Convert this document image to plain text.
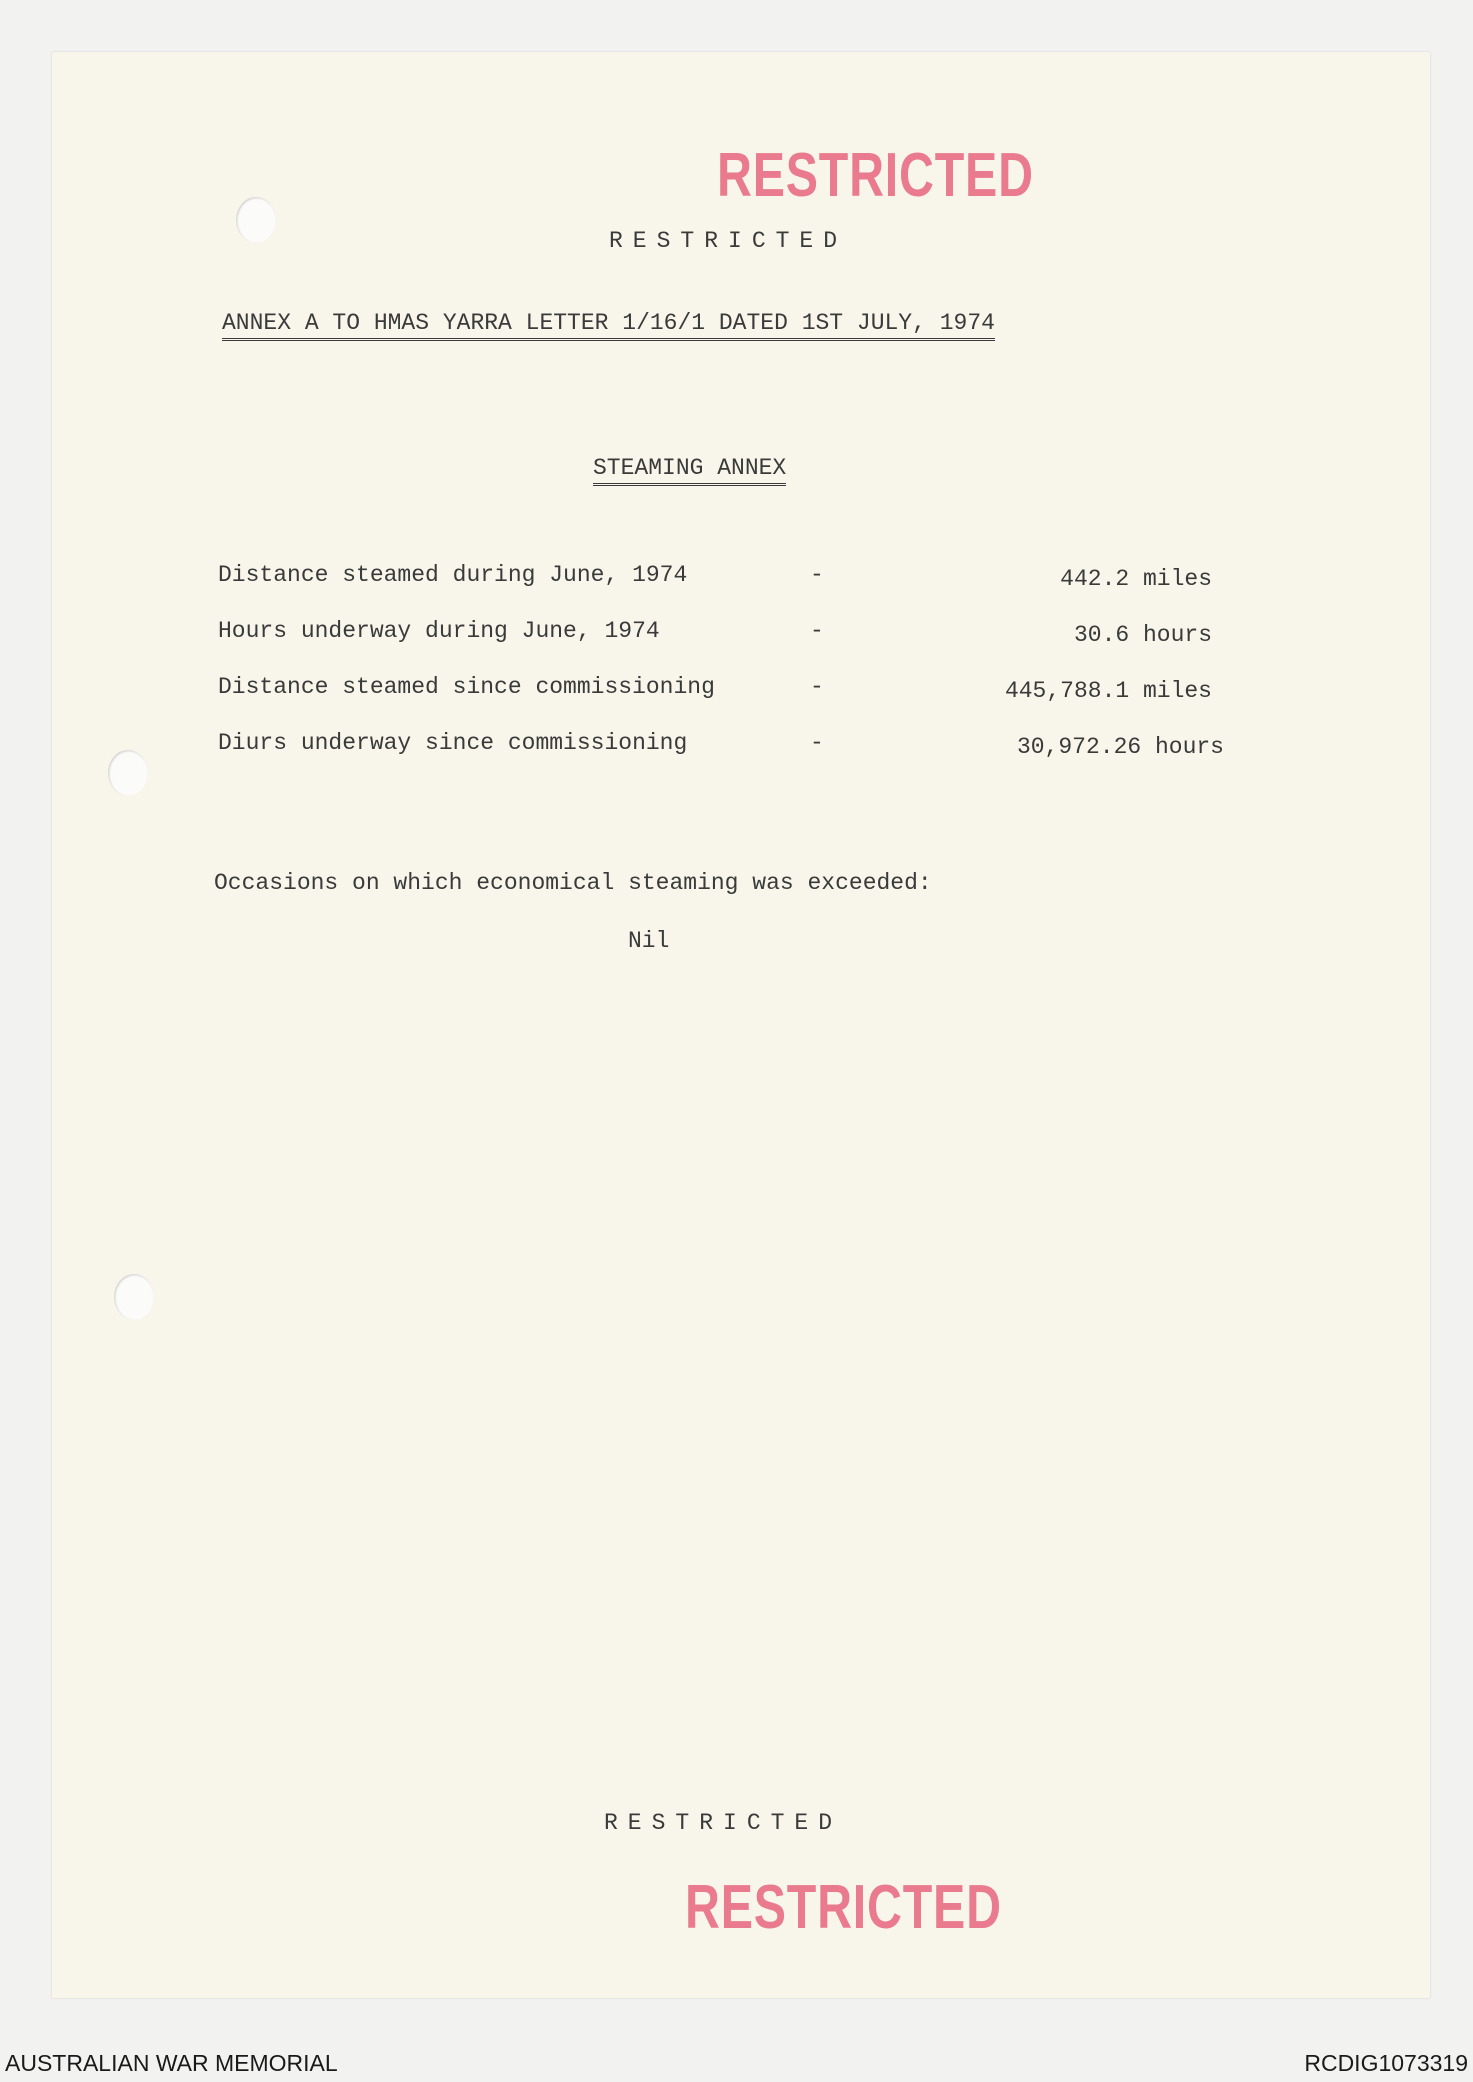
RESTRICTED
RESTRICTED
ANNEX A TO HMAS YARRA LETTER 1/16/1 DATED 1ST JULY, 1974
STEAMING ANNEX
Distance steamed during June, 1974	-	442.2 miles
Hours underway during June, 1974	-	30.6 hours
Distance steamed since commissioning	-	445,788.1 miles
Diurs underway since commissioning	-	30,972.26 hours
Occasions on which economical steaming was exceeded:
Nil
RESTRICTED
RESTRICTED
AUSTRALIAN WAR MEMORIAL	RCDIG1073319
